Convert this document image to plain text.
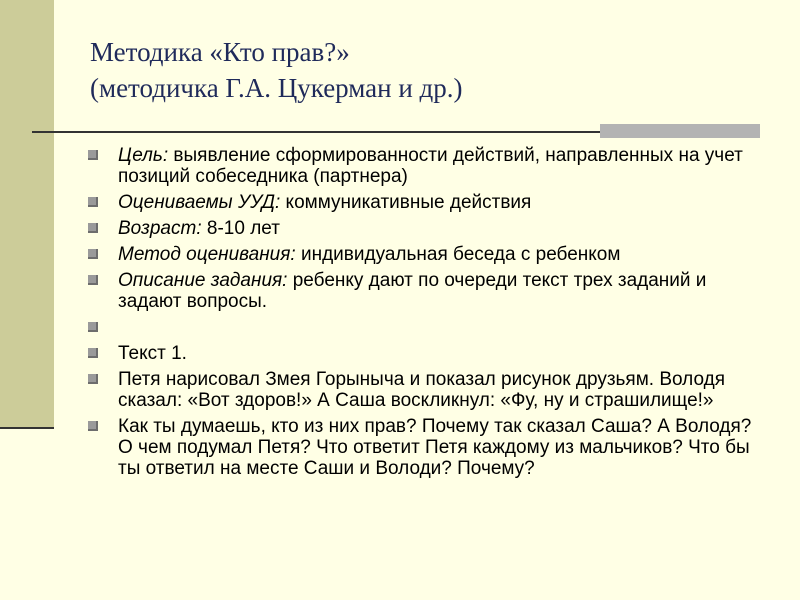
Методика «Кто прав?»
(методичка Г.А. Цукерман и др.)
Цель: выявление сформированности действий, направленных на учет позиций собеседника (партнера)
Оцениваемы УУД: коммуникативные действия
Возраст: 8-10 лет
Метод оценивания: индивидуальная беседа с ребенком
Описание задания: ребенку дают по очереди текст трех заданий и задают вопросы.
Текст 1.
Петя нарисовал Змея Горыныча и показал рисунок друзьям. Володя сказал: «Вот здоров!» А Саша воскликнул: «Фу, ну и страшилище!»
Как ты думаешь, кто из них прав? Почему так сказал Саша? А Володя? О чем подумал Петя? Что ответит Петя каждому из мальчиков? Что бы ты ответил на месте Саши и Володи? Почему?
